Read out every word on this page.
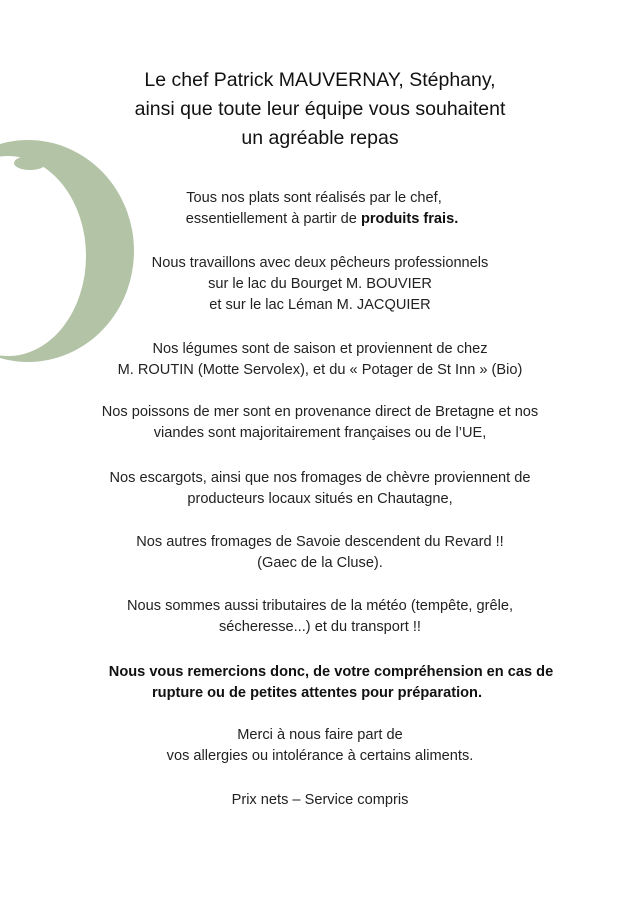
Le chef Patrick MAUVERNAY, Stéphany,
ainsi que toute leur équipe vous souhaitent
un agréable repas
Tous nos plats sont réalisés par le chef,
essentiellement à partir de produits frais.
Nous travaillons avec deux pêcheurs professionnels
sur le lac du Bourget M. BOUVIER
et sur le lac Léman M. JACQUIER
Nos légumes sont de saison et proviennent de chez
M. ROUTIN (Motte Servolex), et du « Potager de St Inn » (Bio)
Nos poissons de mer sont en provenance direct de Bretagne et nos
viandes sont majoritairement françaises ou de l’UE,
Nos escargots, ainsi que nos fromages de chèvre proviennent de
producteurs locaux situés en Chautagne,
Nos autres fromages de Savoie descendent du Revard !!
(Gaec de la Cluse).
Nous sommes aussi tributaires de la météo (tempête, grêle,
sécheresse...) et du transport !!
Nous vous remercions donc, de votre compréhension en cas de
rupture ou de petites attentes pour préparation.
Merci à nous faire part de
vos allergies ou intolérance à certains aliments.
Prix nets – Service compris
